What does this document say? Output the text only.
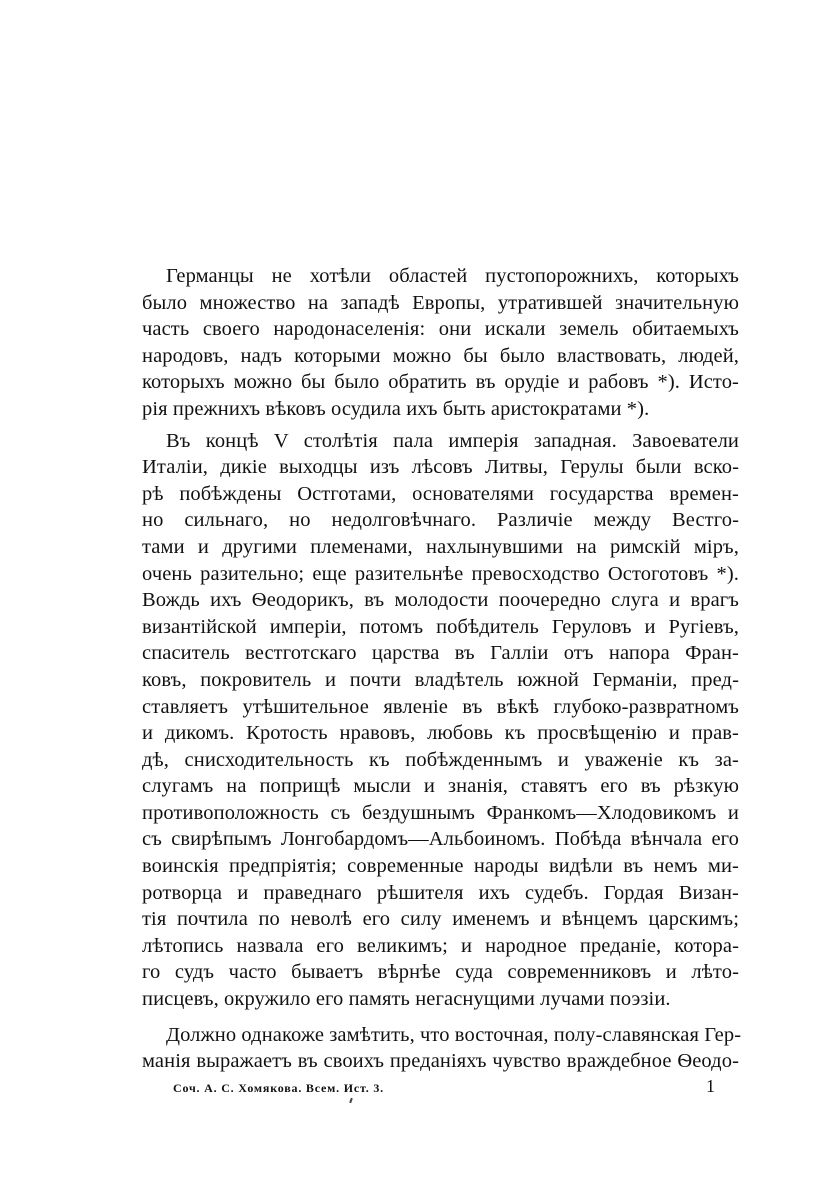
Германцы не хотѣли областей пустопорожнихъ, которыхъ
было множество на западѣ Европы, утратившей значительную
часть своего народонаселенія: они искали земель обитаемыхъ
народовъ, надъ которыми можно бы было властвовать, людей,
которыхъ можно бы было обратить въ орудіе и рабовъ *). Исто-
рія прежнихъ вѣковъ осудила ихъ быть аристократами *).

Въ концѣ V столѣтія пала имперія западная. Завоеватели
Италіи, дикіе выходцы изъ лѣсовъ Литвы, Герулы были вско-
рѣ побѣждены Остготами, основателями государства времен-
но сильнаго, но недолговѣчнаго. Различіе между Вестго-
тами и другими племенами, нахлынувшими на римскій міръ,
очень разительно; еще разительнѣе превосходство Остоготовъ *).
Вождь ихъ Ѳеодорикъ, въ молодости поочередно слуга и врагъ
византійской имперіи, потомъ побѣдитель Геруловъ и Ругіевъ,
спаситель вестготскаго царства въ Галліи отъ напора Фран-
ковъ, покровитель и почти владѣтель южной Германіи, пред-
ставляетъ утѣшительное явленіе въ вѣкѣ глубоко-развратномъ
и дикомъ. Кротость нравовъ, любовь къ просвѣщенію и прав-
дѣ, снисходительность къ побѣжденнымъ и уваженіе къ за-
слугамъ на поприщѣ мысли и знанія, ставятъ его въ рѣзкую
противоположность съ бездушнымъ Франкомъ—Хлодовикомъ и
съ свирѣпымъ Лонгобардомъ—Альбоиномъ. Побѣда вѣнчала его
воинскія предпріятія; современные народы видѣли въ немъ ми-
ротворца и праведнаго рѣшителя ихъ судебъ. Гордая Визан-
тія почтила по неволѣ его силу именемъ и вѣнцемъ царскимъ;
лѣтопись назвала его великимъ; и народное преданіе, котора-
го судъ часто бываетъ вѣрнѣе суда современниковъ и лѣто-
писцевъ, окружило его память негаснущими лучами поэзіи.

Должно однакоже замѣтить, что восточная, полу-славянская Гер-
манія выражаетъ въ своихъ преданіяхъ чувство враждебное Ѳеодо-

Соч. А. С. Хомякова. Всем. Ист. 3.	1
